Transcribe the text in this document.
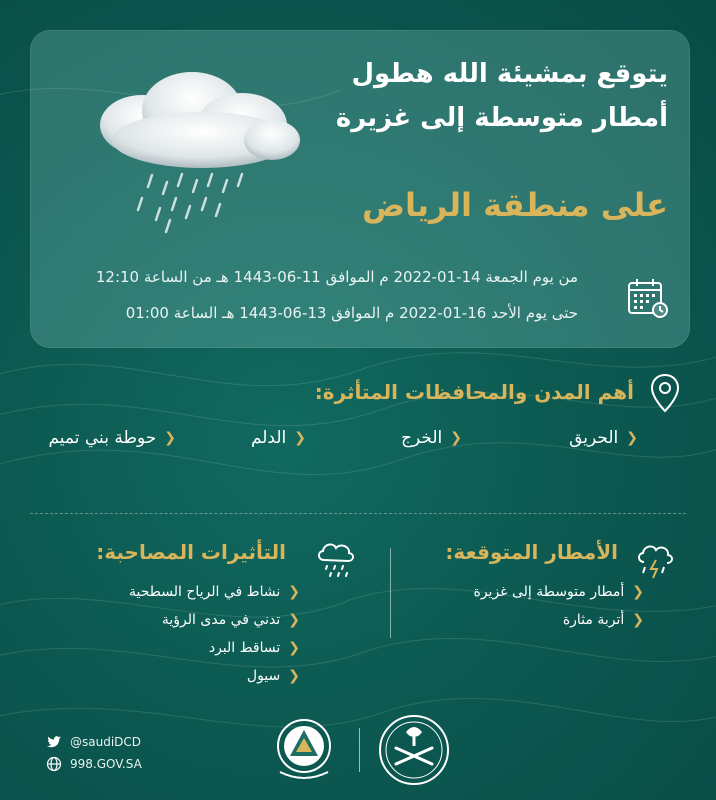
يتوقع بمشيئة الله هطول
أمطار متوسطة إلى غزيرة
على منطقة الرياض
من يوم الجمعة 14-01-2022 م الموافق 11-06-1443 هـ من الساعة 12:10
حتى يوم الأحد 16-01-2022 م الموافق 13-06-1443 هـ الساعة 01:00
أهم المدن والمحافظات المتأثرة:
❮
الحريق
❮
الخرج
❮
الدلم
❮
حوطة بني تميم
الأمطار المتوقعة:
التأثيرات المصاحبة:
❮
أمطار متوسطة إلى غزيرة
❮
أتربة مثارة
❮
نشاط في الرياح السطحية
❮
تدني في مدى الرؤية
❮
تساقط البرد
❮
سيول
@saudiDCD
998.GOV.SA
